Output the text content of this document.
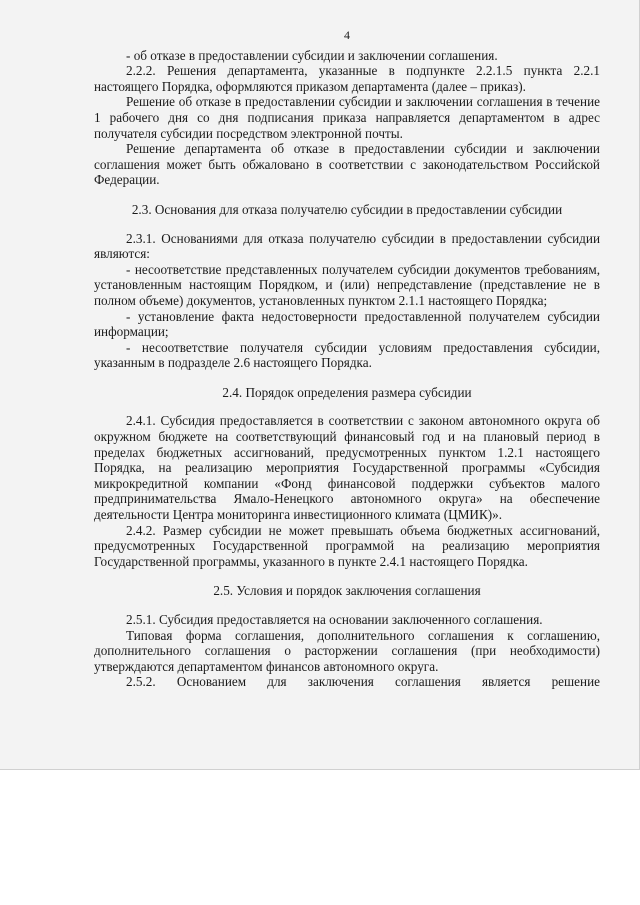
4

- об отказе в предоставлении субсидии и заключении соглашения.

2.2.2. Решения департамента, указанные в подпункте 2.2.1.5 пункта 2.2.1 настоящего Порядка, оформляются приказом департамента (далее – приказ).

Решение об отказе в предоставлении субсидии и заключении соглашения в течение 1 рабочего дня со дня подписания приказа направляется департаментом в адрес получателя субсидии посредством электронной почты.

Решение департамента об отказе в предоставлении субсидии и заключении соглашения может быть обжаловано в соответствии с законодательством Российской Федерации.

2.3. Основания для отказа получателю субсидии в предоставлении субсидии

2.3.1. Основаниями для отказа получателю субсидии в предоставлении субсидии являются:

- несоответствие представленных получателем субсидии документов требованиям, установленным настоящим Порядком, и (или) непредставление (представление не в полном объеме) документов, установленных пунктом 2.1.1 настоящего Порядка;

- установление факта недостоверности предоставленной получателем субсидии информации;

- несоответствие получателя субсидии условиям предоставления субсидии, указанным в подразделе 2.6 настоящего Порядка.

2.4. Порядок определения размера субсидии

2.4.1. Субсидия предоставляется в соответствии с законом автономного округа об окружном бюджете на соответствующий финансовый год и на плановый период в пределах бюджетных ассигнований, предусмотренных пунктом 1.2.1 настоящего Порядка, на реализацию мероприятия Государственной программы «Субсидия микрокредитной компании «Фонд финансовой поддержки субъектов малого предпринимательства Ямало-Ненецкого автономного округа» на обеспечение деятельности Центра мониторинга инвестиционного климата (ЦМИК)».

2.4.2. Размер субсидии не может превышать объема бюджетных ассигнований, предусмотренных Государственной программой на реализацию мероприятия Государственной программы, указанного в пункте 2.4.1 настоящего Порядка.

2.5. Условия и порядок заключения соглашения

2.5.1. Субсидия предоставляется на основании заключенного соглашения.

Типовая форма соглашения, дополнительного соглашения к соглашению, дополнительного соглашения о расторжении соглашения (при необходимости) утверждаются департаментом финансов автономного округа.

2.5.2. Основанием для заключения соглашения является решение
